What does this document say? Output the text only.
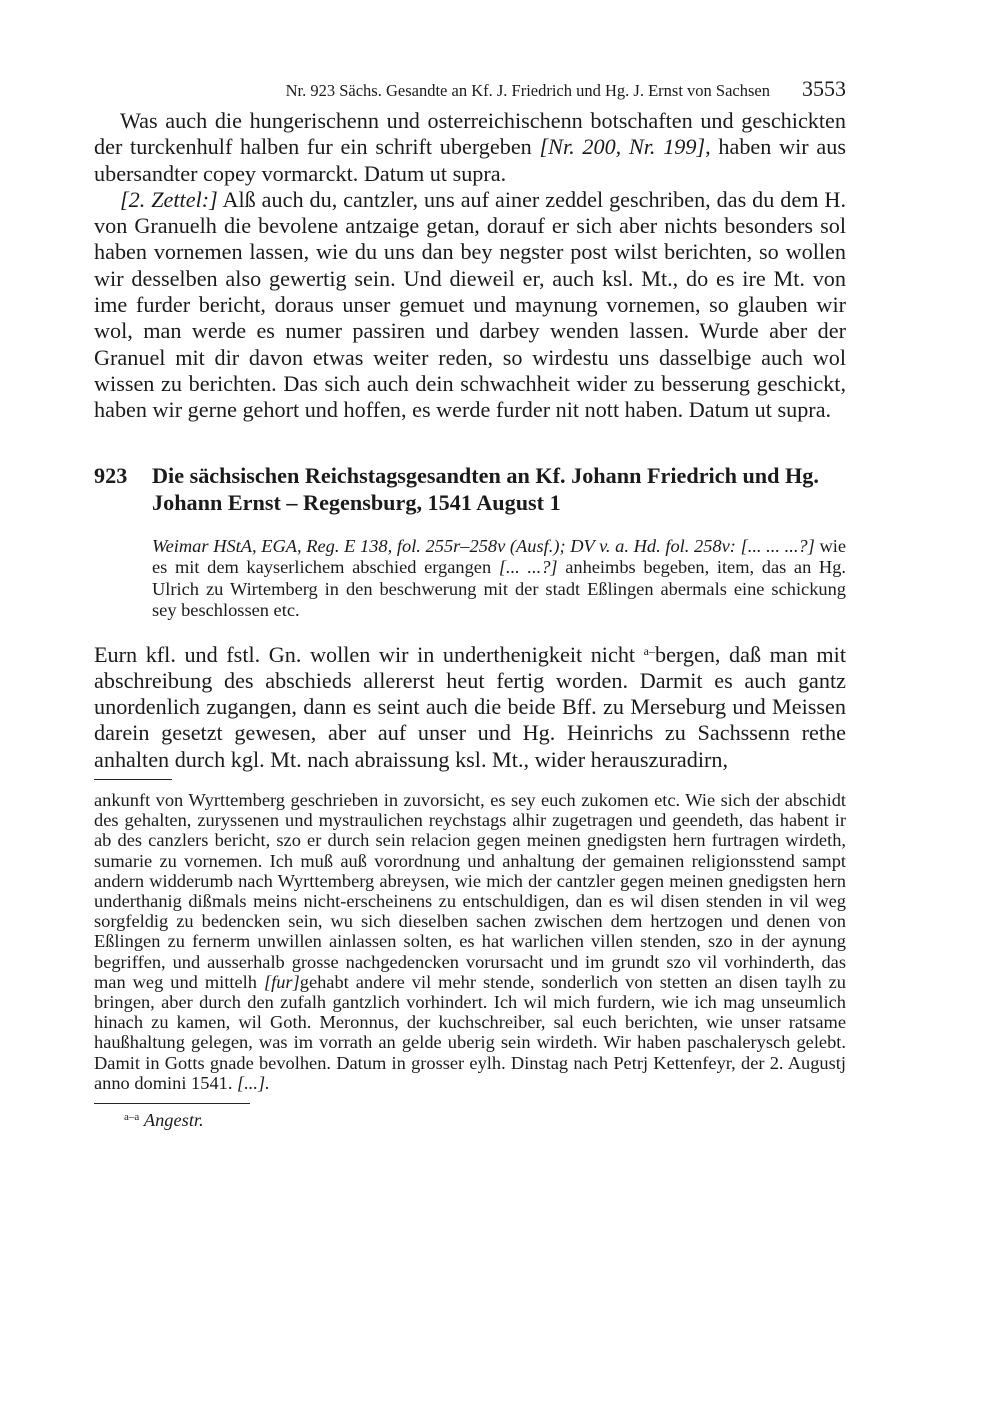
Nr. 923 Sächs. Gesandte an Kf. J. Friedrich und Hg. J. Ernst von Sachsen 3553

Was auch die hungerischenn und osterreichischenn botschaften und geschickten der turckenhulf halben fur ein schrift ubergeben [Nr. 200, Nr. 199], haben wir aus ubersandter copey vormarckt. Datum ut supra.

[2. Zettel:] Alß auch du, cantzler, uns auf ainer zeddel geschriben, das du dem H. von Granuelh die bevolene antzaige getan, dorauf er sich aber nichts besonders sol haben vornemen lassen, wie du uns dan bey negster post wilst berichten, so wollen wir desselben also gewertig sein. Und dieweil er, auch ksl. Mt., do es ire Mt. von ime furder bericht, doraus unser gemuet und maynung vornemen, so glauben wir wol, man werde es numer passiren und darbey wenden lassen. Wurde aber der Granuel mit dir davon etwas weiter reden, so wirdestu uns dasselbige auch wol wissen zu berichten. Das sich auch dein schwachheit wider zu besserung geschickt, haben wir gerne gehort und hoffen, es werde furder nit nott haben. Datum ut supra.

923	Die sächsischen Reichstagsgesandten an Kf. Johann Friedrich und Hg. Johann Ernst – Regensburg, 1541 August 1
Weimar HStA, EGA, Reg. E 138, fol. 255r–258v (Ausf.); DV v. a. Hd. fol. 258v: [... ... ...?] wie es mit dem kayserlichem abschied ergangen [... ...?] anheimbs begeben, item, das an Hg. Ulrich zu Wirtemberg in den beschwerung mit der stadt Eßlingen abermals eine schickung sey beschlossen etc.

Eurn kfl. und fstl. Gn. wollen wir in underthenigkeit nicht $^{a-}$bergen, daß man mit abschreibung des abschieds allererst heut fertig worden. Darmit es auch gantz unordenlich zugangen, dann es seint auch die beide Bff. zu Merseburg und Meissen darein gesetzt gewesen, aber auf unser und Hg. Heinrichs zu Sachssenn rethe anhalten durch kgl. Mt. nach abraissung ksl. Mt., wider herauszuradirn,

ankunft von Wyrttemberg geschrieben in zuvorsicht, es sey euch zukomen etc. Wie sich der abschidt des gehalten, zuryssenen und mystraulichen reychstags alhir zugetragen und geendeth, das habent ir ab des canzlers bericht, szo er durch sein relacion gegen meinen gnedigsten hern furtragen wirdeth, sumarie zu vornemen. Ich muß auß vorordnung und anhaltung der gemainen religionsstend sampt andern widderumb nach Wyrttemberg abreysen, wie mich der cantzler gegen meinen gnedigsten hern underthanig dißmals meins nicht-erscheinens zu entschuldigen, dan es wil disen stenden in vil weg sorgfeldig zu bedencken sein, wu sich dieselben sachen zwischen dem hertzogen und denen von Eßlingen zu fernerm unwillen ainlassen solten, es hat warlichen villen stenden, szo in der aynung begriffen, und ausserhalb grosse nachgedencken vorursacht und im grundt szo vil vorhinderth, das man weg und mittelh [fur]gehabt andere vil mehr stende, sonderlich von stetten an disen taylh zu bringen, aber durch den zufalh gantzlich vorhindert. Ich wil mich furdern, wie ich mag unseumlich hinach zu kamen, wil Goth. Meronnus, der kuchschreiber, sal euch berichten, wie unser ratsame haußhaltung gelegen, was im vorrath an gelde uberig sein wirdeth. Wir haben paschalerysch gelebt. Damit in Gotts gnade bevolhen. Datum in grosser eylh. Dinstag nach Petrj Kettenfeyr, der 2. Augustj anno domini 1541. [...].

$^{a-a}$ Angestr.
